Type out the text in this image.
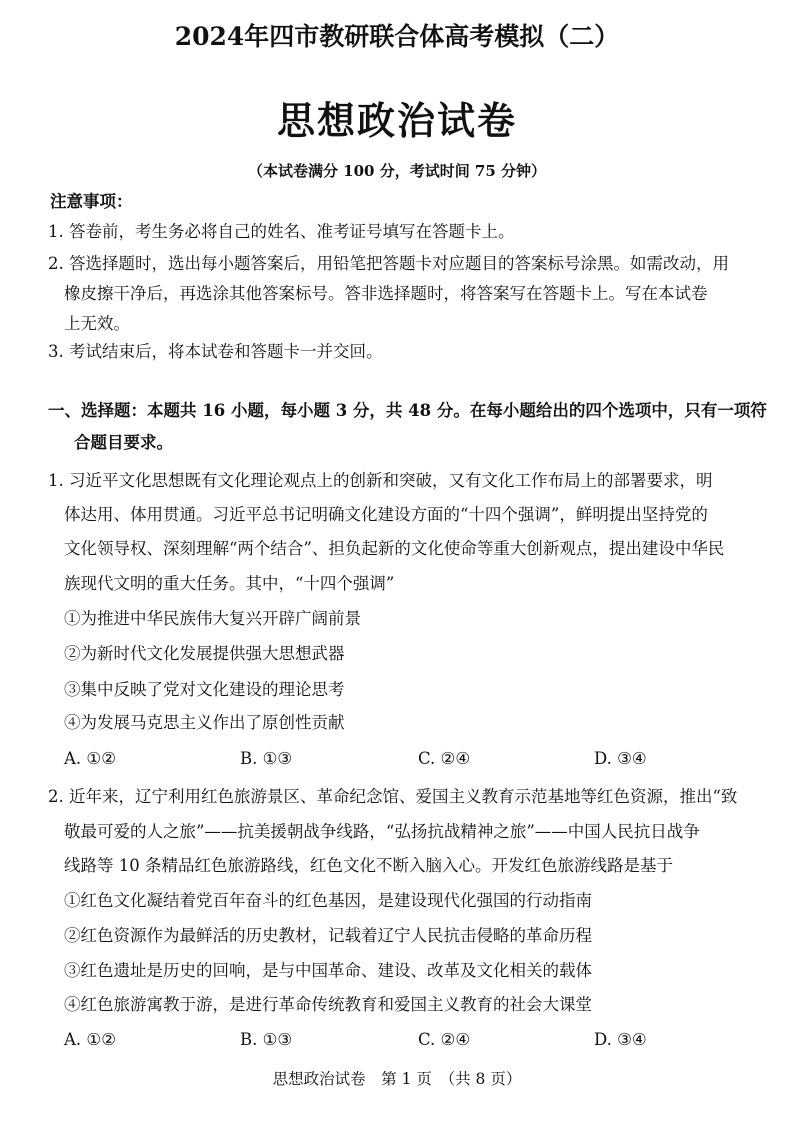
2024年四市教研联合体高考模拟（二）
思想政治试卷
（本试卷满分 100 分，考试时间 75 分钟）
注意事项：
1. 答卷前，考生务必将自己的姓名、准考证号填写在答题卡上。
2. 答选择题时，选出每小题答案后，用铅笔把答题卡对应题目的答案标号涂黑。如需改动，用
橡皮擦干净后，再选涂其他答案标号。答非选择题时，将答案写在答题卡上。写在本试卷
上无效。
3. 考试结束后，将本试卷和答题卡一并交回。
一、选择题：本题共 16 小题，每小题 3 分，共 48 分。在每小题给出的四个选项中，只有一项符
合题目要求。
1. 习近平文化思想既有文化理论观点上的创新和突破，又有文化工作布局上的部署要求，明
体达用、体用贯通。习近平总书记明确文化建设方面的“十四个强调”，鲜明提出坚持党的
文化领导权、深刻理解“两个结合”、担负起新的文化使命等重大创新观点，提出建设中华民
族现代文明的重大任务。其中，“十四个强调”
①为推进中华民族伟大复兴开辟广阔前景
②为新时代文化发展提供强大思想武器
③集中反映了党对文化建设的理论思考
④为发展马克思主义作出了原创性贡献
A. ①②	B. ①③	C. ②④	D. ③④
2. 近年来，辽宁利用红色旅游景区、革命纪念馆、爱国主义教育示范基地等红色资源，推出“致
敬最可爱的人之旅”——抗美援朝战争线路，“弘扬抗战精神之旅”——中国人民抗日战争
线路等 10 条精品红色旅游路线，红色文化不断入脑入心。开发红色旅游线路是基于
①红色文化凝结着党百年奋斗的红色基因，是建设现代化强国的行动指南
②红色资源作为最鲜活的历史教材，记载着辽宁人民抗击侵略的革命历程
③红色遗址是历史的回响，是与中国革命、建设、改革及文化相关的载体
④红色旅游寓教于游，是进行革命传统教育和爱国主义教育的社会大课堂
A. ①②	B. ①③	C. ②④	D. ③④
思想政治试卷　第 1 页　（共 8 页）
